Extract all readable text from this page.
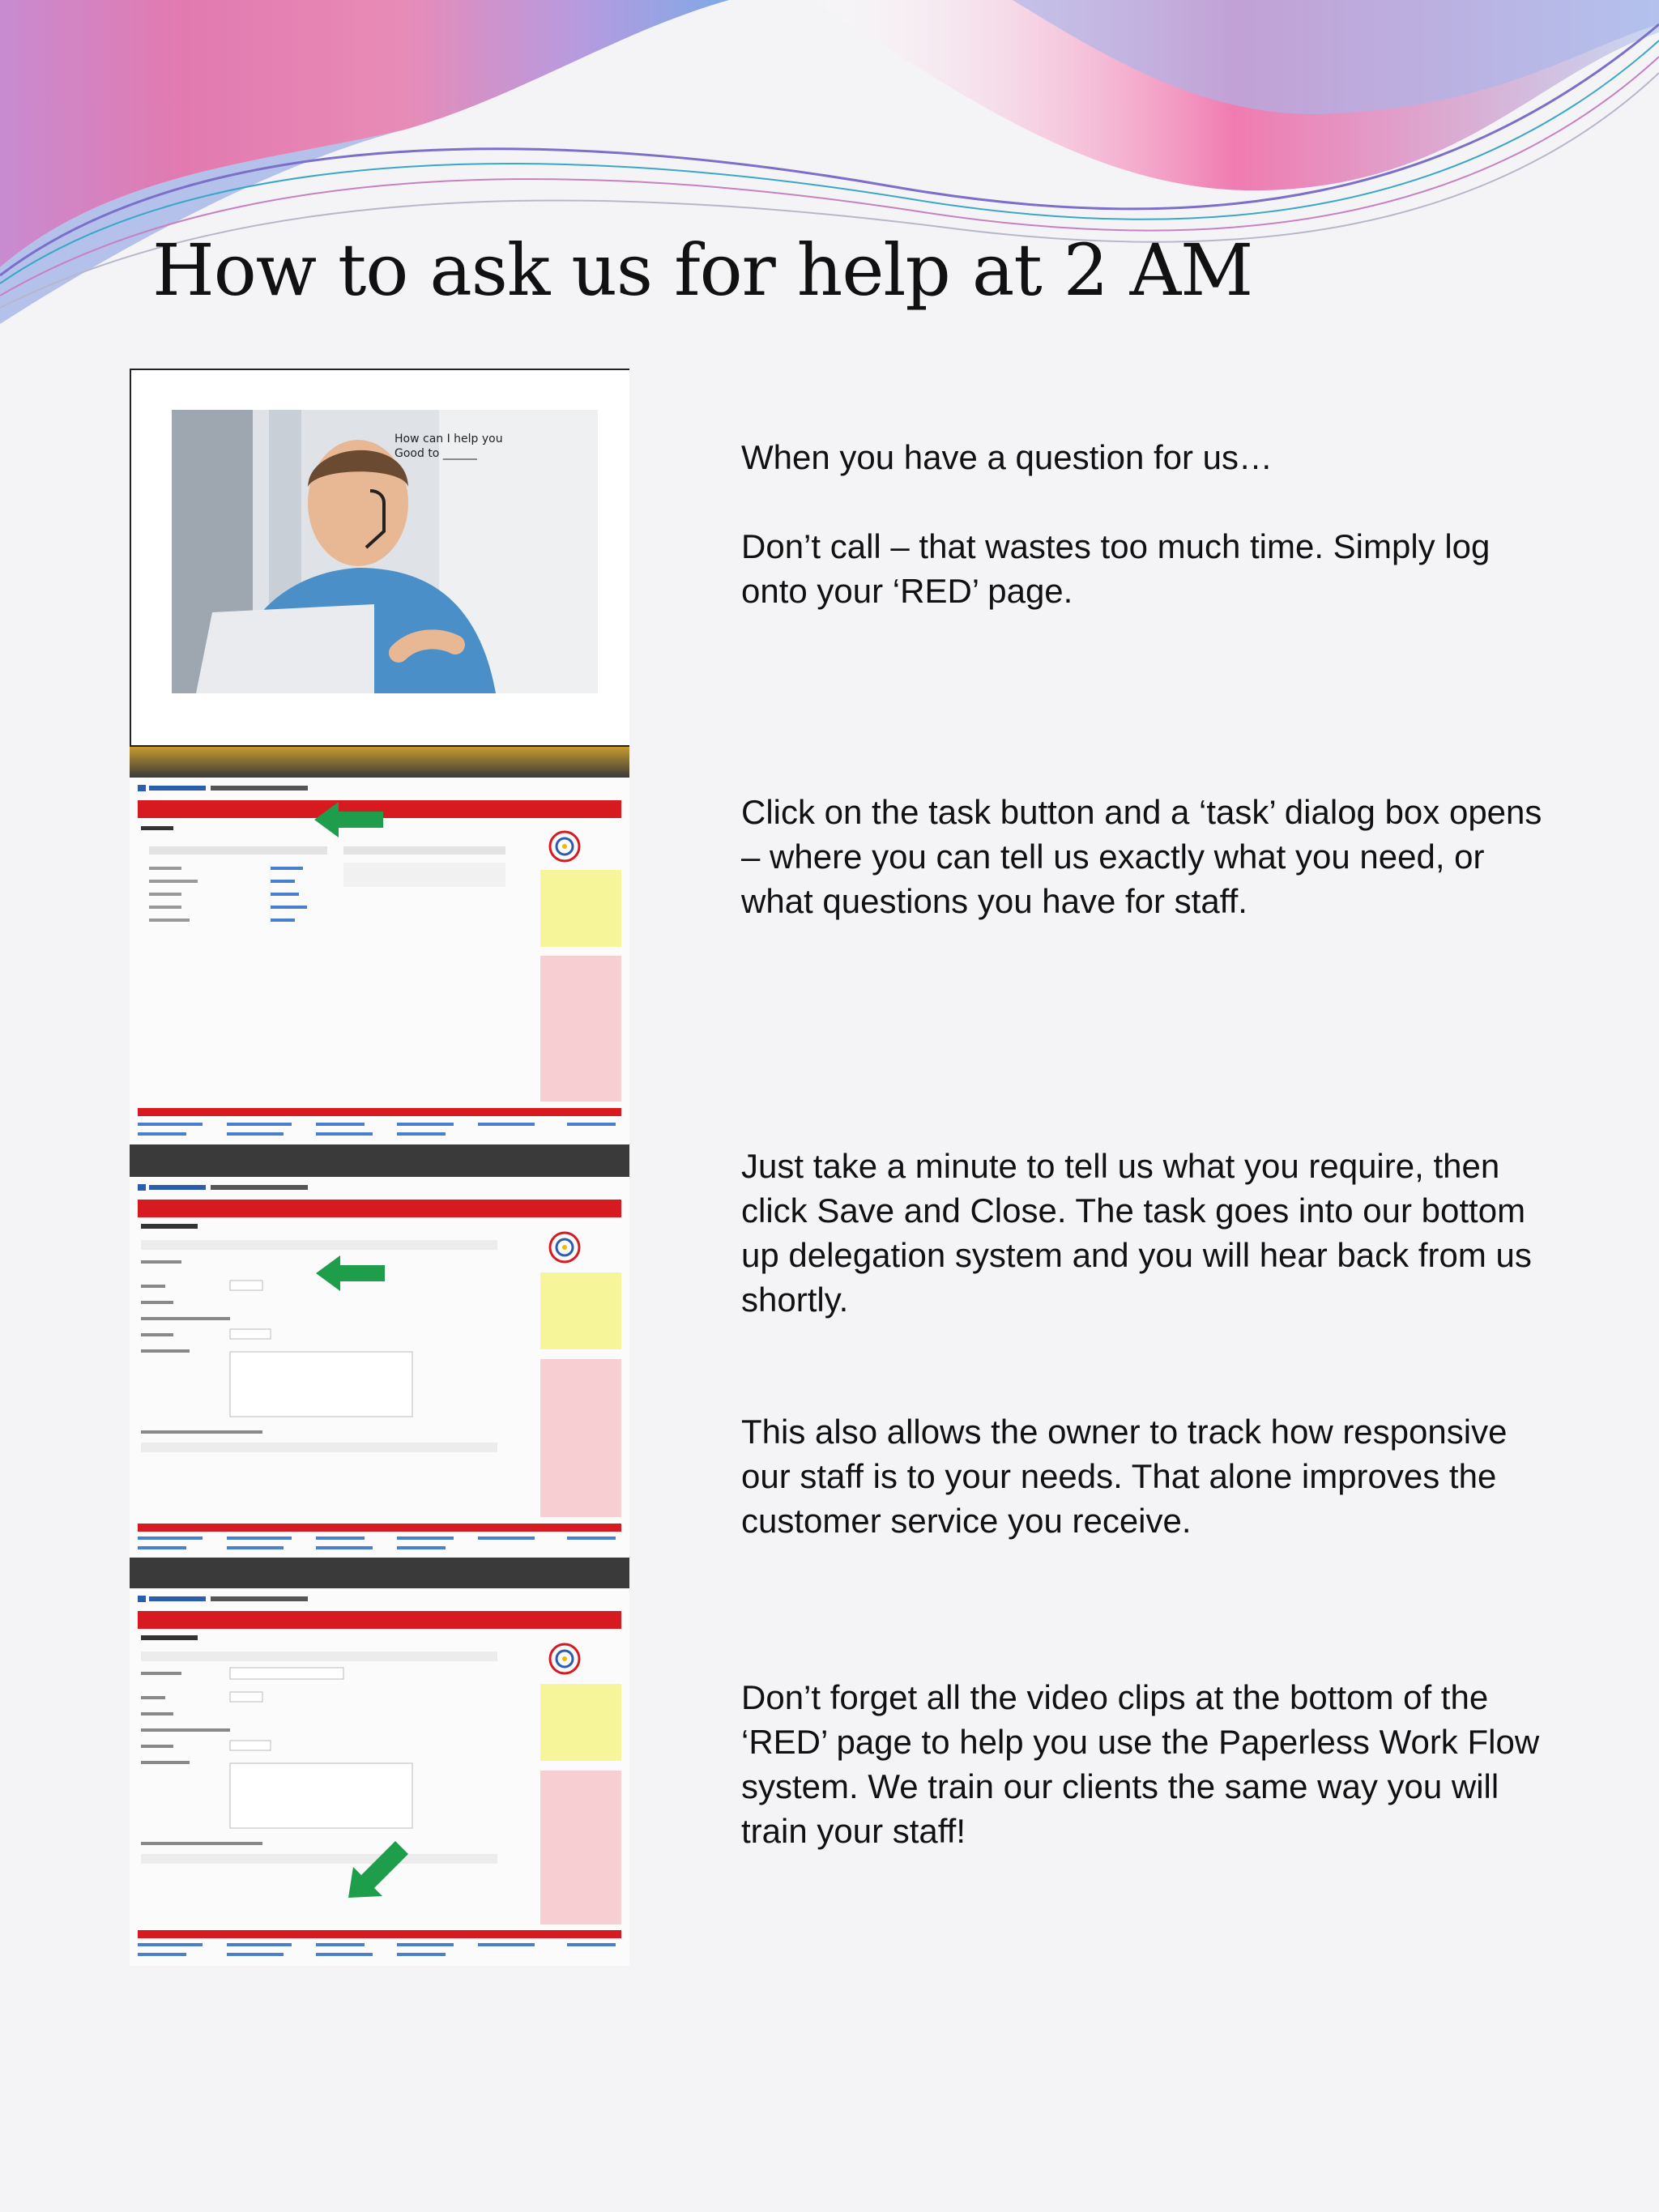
How to ask us for help at 2 AM
How can I help you
Good to ______	When you have a question for us…

Don’t call – that wastes too much time. Simply log onto your ‘RED’ page.

Click on the task button and a ‘task’ dialog box opens – where you can tell us exactly what you need, or what questions you have for staff.

Just take a minute to tell us what you require, then click Save and Close. The task goes into our bottom up delegation system and you will hear back from us shortly.

This also allows the owner to track how responsive our staff is to your needs. That alone improves the customer service you receive.

Don’t forget all the video clips at the bottom of the ‘RED’ page to help you use the Paperless Work Flow system. We train our clients the same way you will train your staff!
